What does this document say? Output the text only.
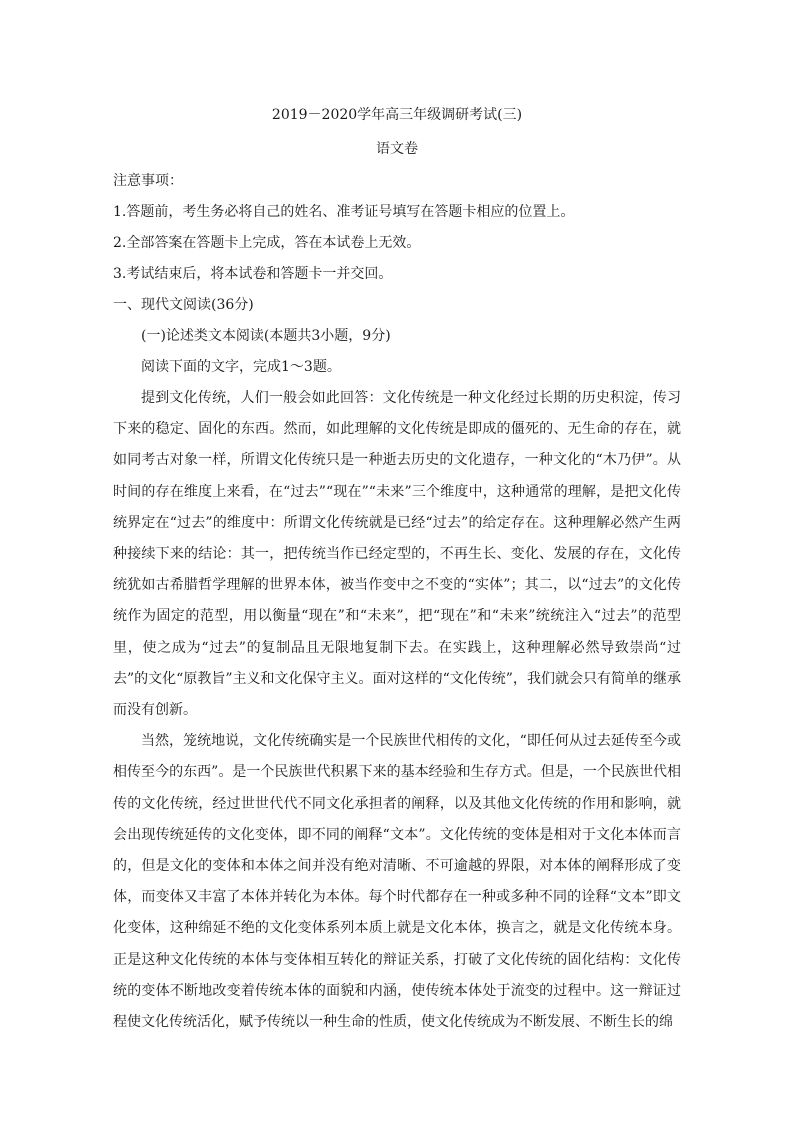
2019－2020学年高三年级调研考试(三)

语文卷

注意事项：

1.答题前，考生务必将自己的姓名、准考证号填写在答题卡相应的位置上。

2.全部答案在答题卡上完成，答在本试卷上无效。

3.考试结束后，将本试卷和答题卡一并交回。

一、现代文阅读(36分)

(一)论述类文本阅读(本题共3小题，9分)

阅读下面的文字，完成1～3题。

提到文化传统，人们一般会如此回答：文化传统是一种文化经过长期的历史积淀，传习下来的稳定、固化的东西。然而，如此理解的文化传统是即成的僵死的、无生命的存在，就如同考古对象一样，所谓文化传统只是一种逝去历史的文化遗存，一种文化的“木乃伊”。从时间的存在维度上来看，在“过去”“现在”“未来”三个维度中，这种通常的理解，是把文化传统界定在“过去”的维度中：所谓文化传统就是已经“过去”的给定存在。这种理解必然产生两种接续下来的结论：其一，把传统当作已经定型的，不再生长、变化、发展的存在，文化传统犹如古希腊哲学理解的世界本体，被当作变中之不变的“实体”；其二，以“过去”的文化传统作为固定的范型，用以衡量“现在”和“未来”，把“现在”和“未来”统统注入“过去”的范型里，使之成为“过去”的复制品且无限地复制下去。在实践上，这种理解必然导致崇尚“过去”的文化“原教旨”主义和文化保守主义。面对这样的“文化传统”，我们就会只有简单的继承而没有创新。

当然，笼统地说，文化传统确实是一个民族世代相传的文化，“即任何从过去延传至今或相传至今的东西”。是一个民族世代积累下来的基本经验和生存方式。但是，一个民族世代相传的文化传统，经过世世代代不同文化承担者的阐释，以及其他文化传统的作用和影响，就会出现传统延传的文化变体，即不同的阐释“文本”。文化传统的变体是相对于文化本体而言的，但是文化的变体和本体之间并没有绝对清晰、不可逾越的界限，对本体的阐释形成了变体，而变体又丰富了本体并转化为本体。每个时代都存在一种或多种不同的诠释“文本”即文化变体，这种绵延不绝的文化变体系列本质上就是文化本体，换言之，就是文化传统本身。正是这种文化传统的本体与变体相互转化的辩证关系，打破了文化传统的固化结构：文化传统的变体不断地改变着传统本体的面貌和内涵，使传统本体处于流变的过程中。这一辩证过程使文化传统活化，赋予传统以一种生命的性质，使文化传统成为不断发展、不断生长的绵
